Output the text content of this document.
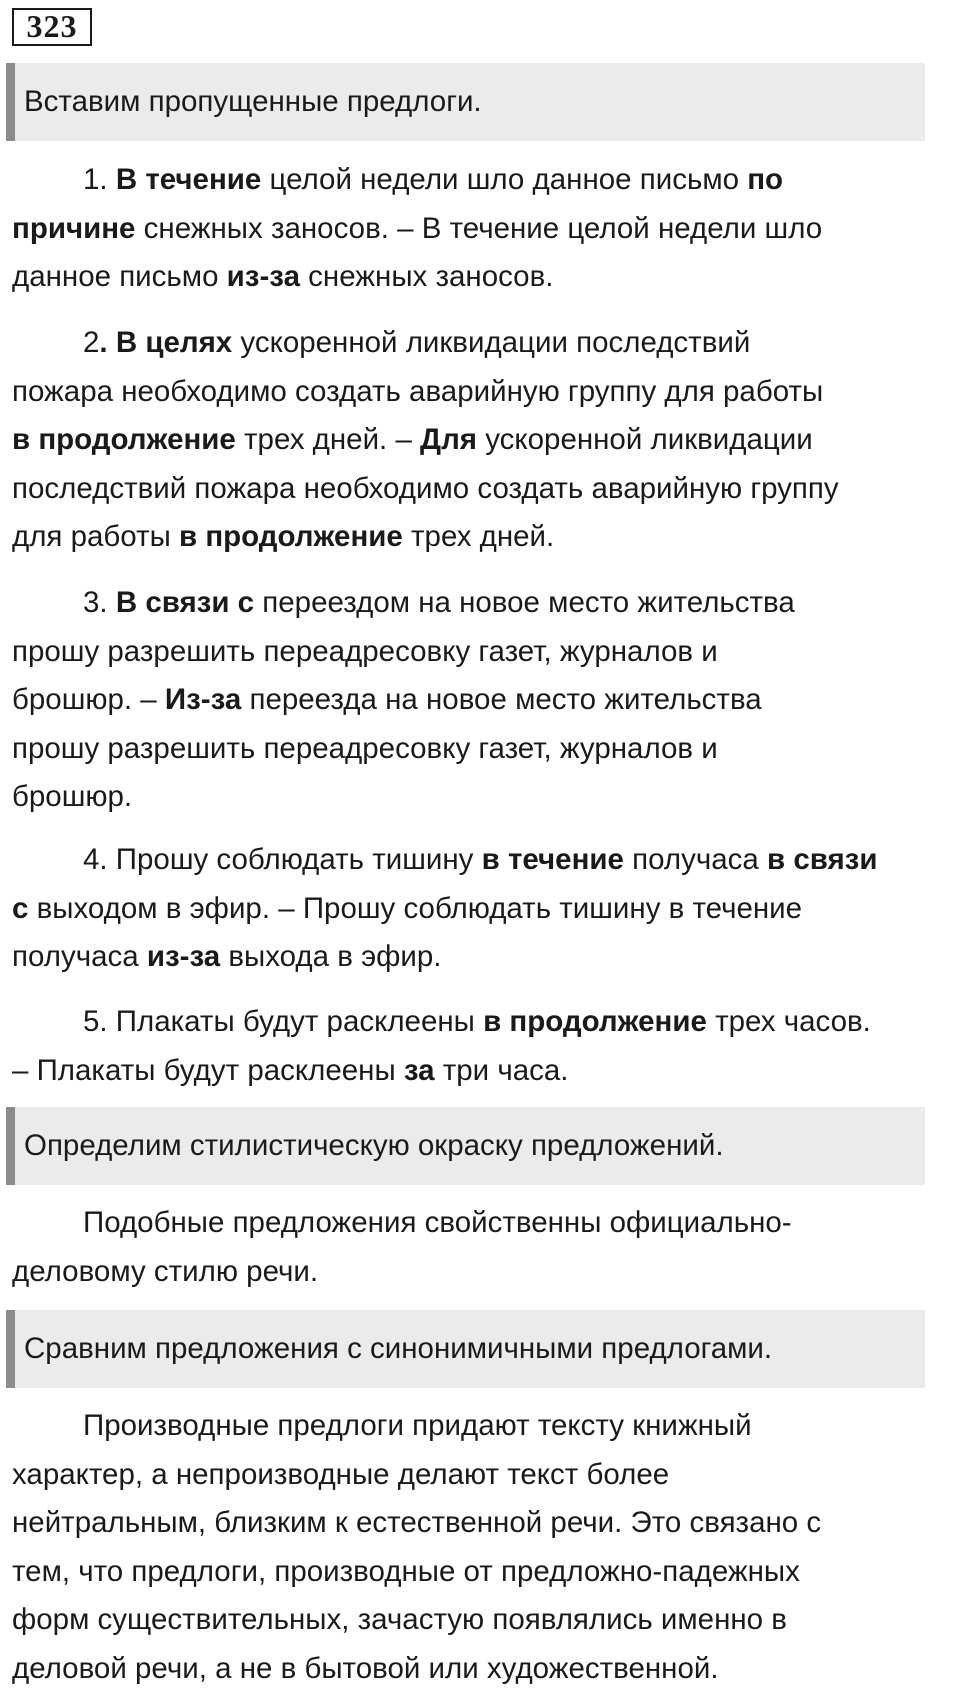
323
Вставим пропущенные предлоги.
1. В течение целой недели шло данное письмо по
причине снежных заносов. – В течение целой недели шло
данное письмо из-за снежных заносов.
2. В целях ускоренной ликвидации последствий
пожара необходимо создать аварийную группу для работы
в продолжение трех дней. – Для ускоренной ликвидации
последствий пожара необходимо создать аварийную группу
для работы в продолжение трех дней.
3. В связи с переездом на новое место жительства
прошу разрешить переадресовку газет, журналов и
брошюр. – Из-за переезда на новое место жительства
прошу разрешить переадресовку газет, журналов и
брошюр.
4. Прошу соблюдать тишину в течение получаса в связи
с выходом в эфир. – Прошу соблюдать тишину в течение
получаса из-за выхода в эфир.
5. Плакаты будут расклеены в продолжение трех часов.
– Плакаты будут расклеены за три часа.
Определим стилистическую окраску предложений.
Подобные предложения свойственны официально-
деловому стилю речи.
Сравним предложения с синонимичными предлогами.
Производные предлоги придают тексту книжный
характер, а непроизводные делают текст более
нейтральным, близким к естественной речи. Это связано с
тем, что предлоги, производные от предложно-падежных
форм существительных, зачастую появлялись именно в
деловой речи, а не в бытовой или художественной.
